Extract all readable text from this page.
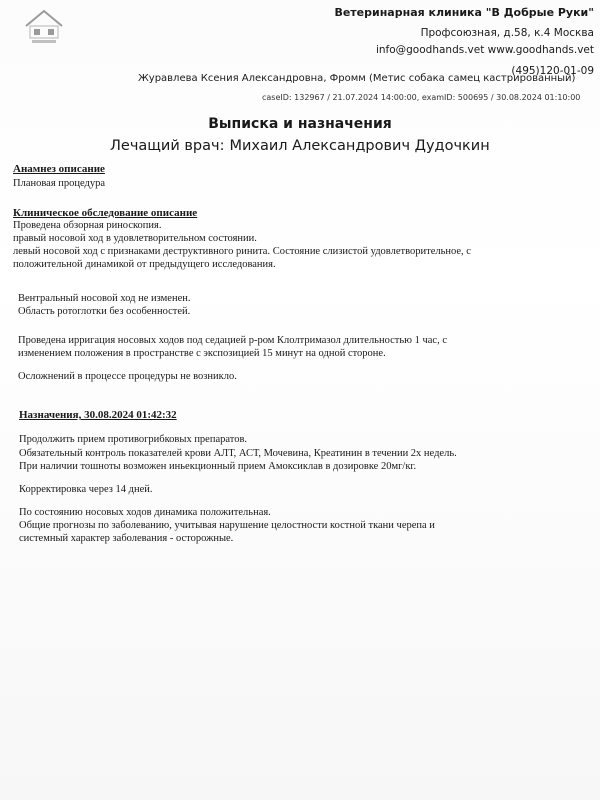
Ветеринарная клиника "В Добрые Руки"
Профсоюзная, д.58, к.4 Москва
info@goodhands.vet www.goodhands.vet
(495)120-01-09
Журавлева Ксения Александровна, Фромм (Метис собака самец кастрированный)
caseID: 132967 / 21.07.2024 14:00:00, examID: 500695 / 30.08.2024 01:10:00
Выписка и назначения
Лечащий врач: Михаил Александрович Дудочкин
Анамнез описание
Плановая процедура
Клиническое обследование описание
Проведена обзорная риноскопия.
правый носовой ход в удовлетворительном состоянии.
левый носовой ход с признаками деструктивного ринита. Состояние слизистой удовлетворительное, с
положительной динамикой от предыдущего исследования.
Вентральный носовой ход не изменен.
Область ротоглотки без особенностей.
Проведена ирригация носовых ходов под седацией р-ром Клолтримазол длительностью 1 час, с
изменением положения в пространстве с экспозицией 15 минут на одной стороне.
Осложнений в процессе процедуры не возникло.
Назначения, 30.08.2024 01:42:32
Продолжить прием противогрибковых препаратов.
Обязательный контроль показателей крови АЛТ, АСТ, Мочевина, Креатинин в течении 2х недель.
При наличии тошноты возможен иньекционный прием Амоксиклав в дозировке 20мг/кг.
Корректировка через 14 дней.
По состоянию носовых ходов динамика положительная.
Общие прогнозы по заболеванию, учитывая нарушение целостности костной ткани черепа и
системный характер заболевания - осторожные.
